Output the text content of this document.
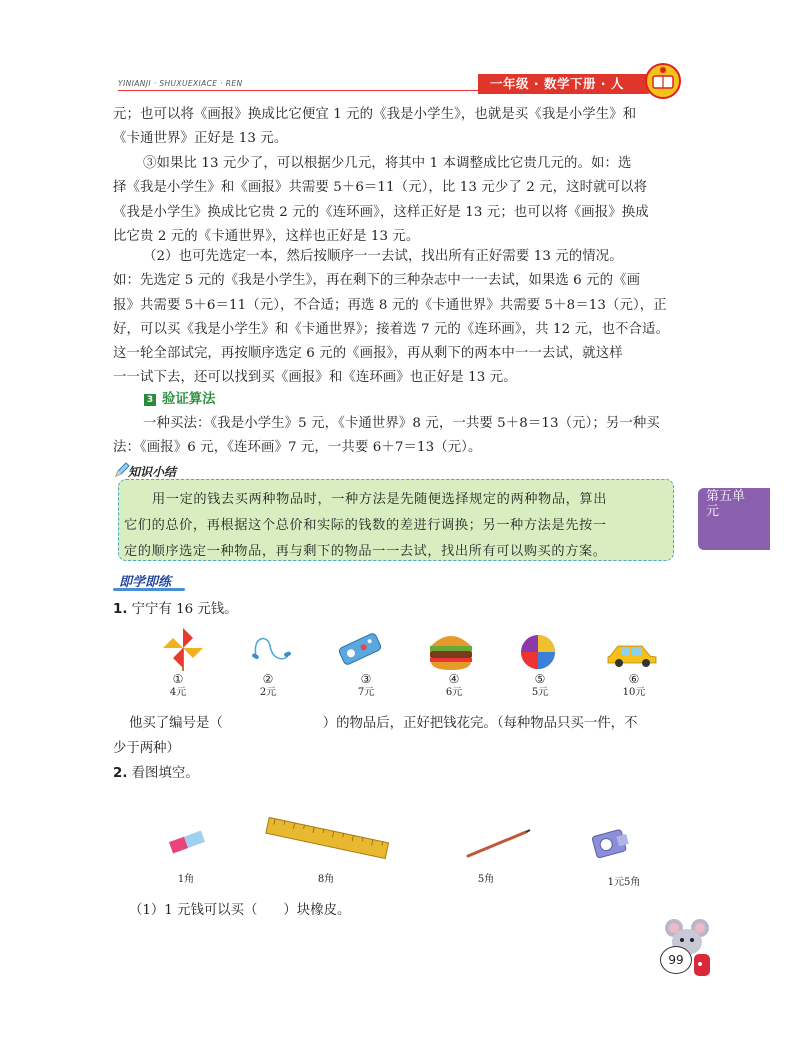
YINIANJI · SHUXUEXIACE · REN	一年级 · 数学下册 · 人
元；也可以将《画报》换成比它便宜 1 元的《我是小学生》，也就是买《我是小学生》和
《卡通世界》正好是 13 元。
③如果比 13 元少了，可以根据少几元，将其中 1 本调整成比它贵几元的。如：选
择《我是小学生》和《画报》共需要 5＋6＝11（元），比 13 元少了 2 元，这时就可以将
《我是小学生》换成比它贵 2 元的《连环画》，这样正好是 13 元；也可以将《画报》换成
比它贵 2 元的《卡通世界》，这样也正好是 13 元。
（2）也可先选定一本，然后按顺序一一去试，找出所有正好需要 13 元的情况。
如：先选定 5 元的《我是小学生》，再在剩下的三种杂志中一一去试，如果选 6 元的《画
报》共需要 5＋6＝11（元），不合适；再选 8 元的《卡通世界》共需要 5＋8＝13（元），正
好，可以买《我是小学生》和《卡通世界》；接着选 7 元的《连环画》，共 12 元，也不合适。
这一轮全部试完，再按顺序选定 6 元的《画报》，再从剩下的两本中一一去试，就这样
一一试下去，还可以找到买《画报》和《连环画》也正好是 13 元。
3 验证算法
一种买法：《我是小学生》5 元，《卡通世界》8 元，一共要 5＋8＝13（元）；另一种买
法：《画报》6 元，《连环画》7 元，一共要 6＋7＝13（元）。
知识小结
用一定的钱去买两种物品时，一种方法是先随便选择规定的两种物品，算出
它们的总价，再根据这个总价和实际的钱数的差进行调换；另一种方法是先按一
定的顺序选定一种物品，再与剩下的物品一一去试，找出所有可以购买的方案。
第五单元
即学即练
1. 宁宁有 16 元钱。
①
4元
②
2元
③
7元
④
6元
⑤
5元
⑥
10元
他买了编号是（	）的物品后，正好把钱花完。（每种物品只买一件，不
少于两种）
2. 看图填空。
1角	8角	5角	1元5角
（1）1 元钱可以买（ ）块橡皮。
99
